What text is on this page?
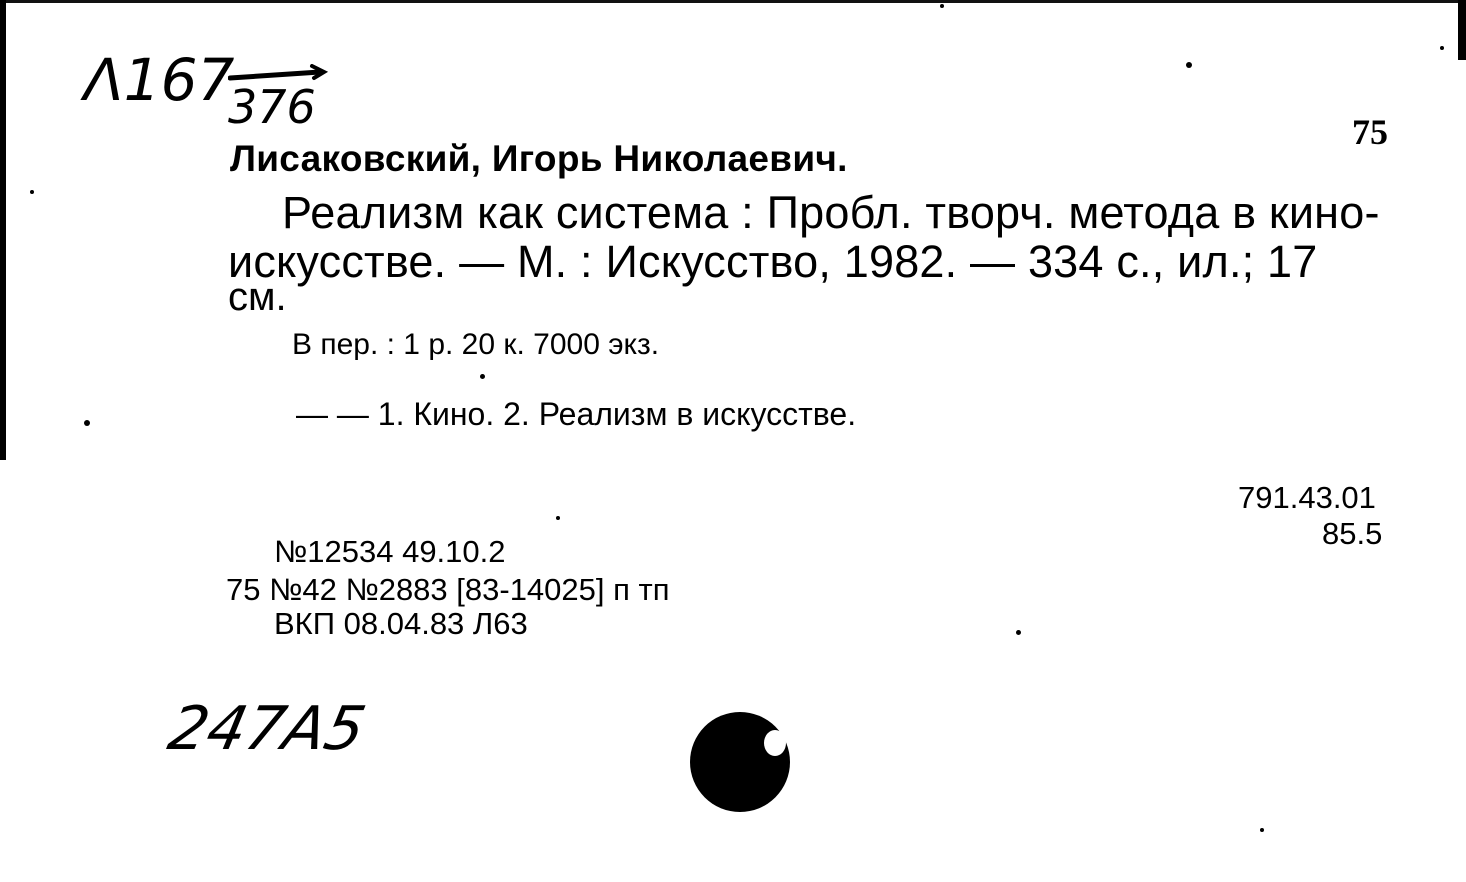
Λ167
376	75

Лисаковский, Игорь Николаевич.

Реализм как система : Пробл. творч. метода в кино-

искусстве. — М. : Искусство, 1982. — 334 с., ил.; 17

см.

В пер. : 1 р. 20 к. 7000 экз.

— — 1. Кино. 2. Реализм в искусстве.

791.43.01

85.5

№12534 49.10.2

75 №42 №2883 [83-14025] п тп

ВКП 08.04.83 Л63

247А5
